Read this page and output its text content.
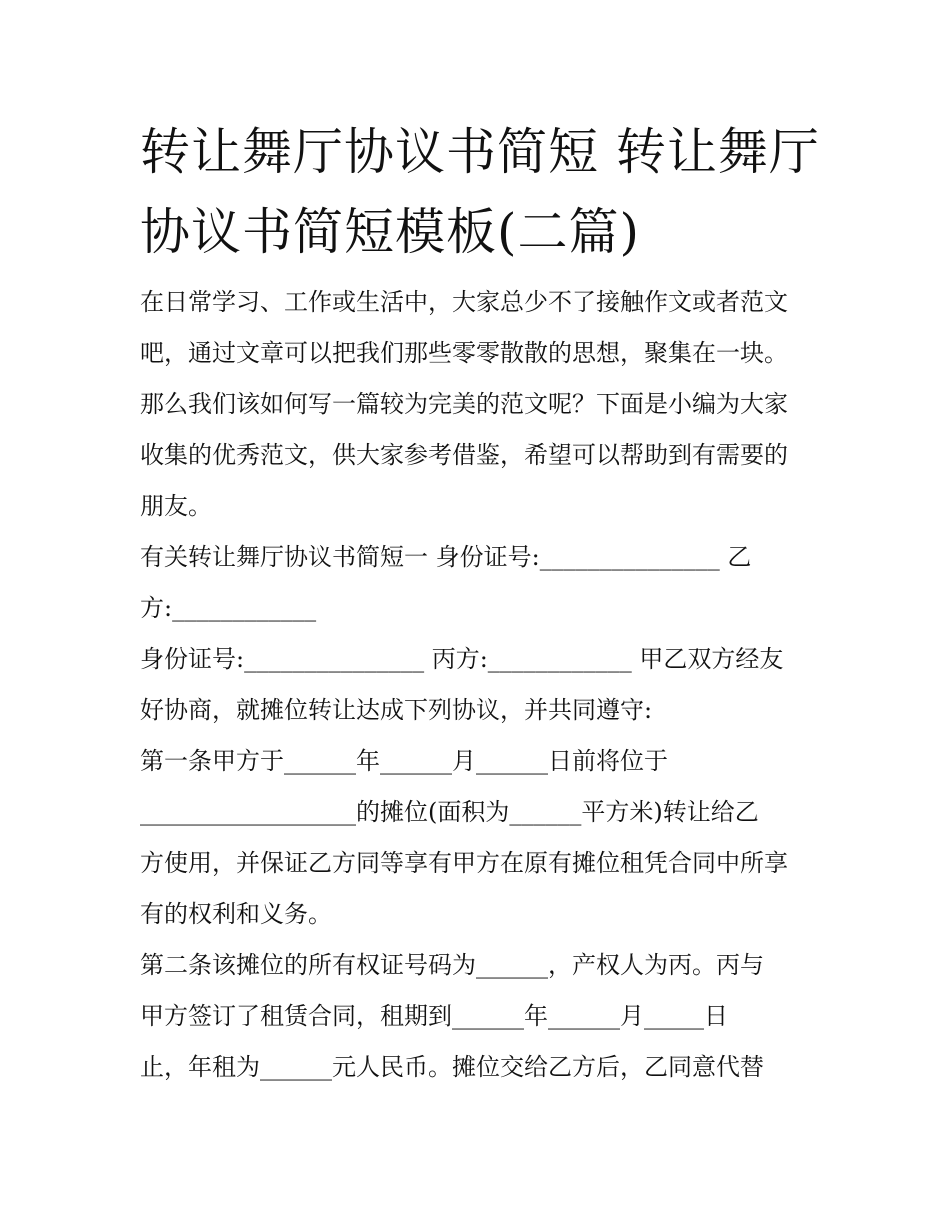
转让舞厅协议书简短 转让舞厅
协议书简短模板(二篇)
在日常学习、工作或生活中，大家总少不了接触作文或者范文
吧，通过文章可以把我们那些零零散散的思想，聚集在一块。
那么我们该如何写一篇较为完美的范文呢？下面是小编为大家
收集的优秀范文，供大家参考借鉴，希望可以帮助到有需要的
朋友。
有关转让舞厅协议书简短一 身份证号:_______________ 乙
方:____________
身份证号:_______________ 丙方:____________ 甲乙双方经友
好协商，就摊位转让达成下列协议，并共同遵守:
第一条甲方于______年______月______日前将位于
__________________的摊位(面积为______平方米)转让给乙
方使用，并保证乙方同等享有甲方在原有摊位租凭合同中所享
有的权利和义务。
第二条该摊位的所有权证号码为______，产权人为丙。丙与
甲方签订了租赁合同，租期到______年______月_____日
止，年租为______元人民币。摊位交给乙方后，乙同意代替
